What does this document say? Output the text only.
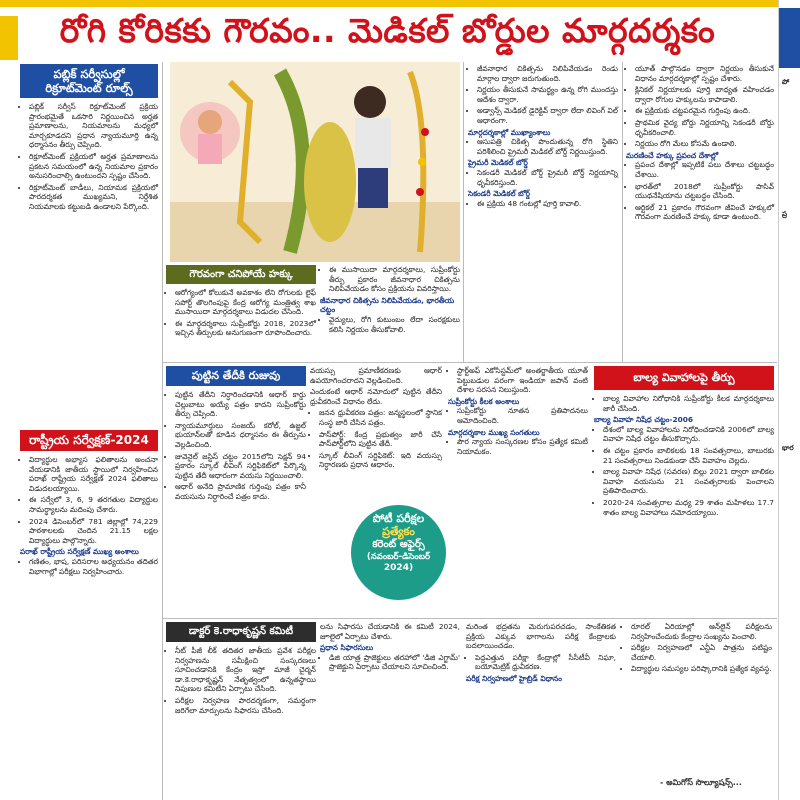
రోగి కోరికకు గౌరవం.. మెడికల్ బోర్డుల మార్గదర్శకం
పబ్లిక్ సర్వీసుల్లో రిక్రూట్‌మెంట్ రూల్స్
• పబ్లిక్ సర్వీస్ రిక్రూట్‌మెంట్ ప్రక్రియ ప్రారంభమైతే ఒకసారి నిర్ణయించిన అర్హత ప్రమాణాలను, నియమాలను మధ్యలో మార్చకూడదని ప్రధాన న్యాయమూర్తి ఉన్న ధర్మాసనం తీర్పు చెప్పింది.
• రిక్రూట్‌మెంట్ ప్రక్రియలో అర్హత ప్రమాణాలను ప్రకటన సమయంలో ఉన్న నియమాల ప్రకారం అనుసరించాల్సి ఉంటుందని స్పష్టం చేసింది.
• రిక్రూట్‌మెంట్ బాడీలు, నియామక ప్రక్రియలో పారదర్శకత ముఖ్యమని, నిర్దేశిత నియమాలకు కట్టుబడి ఉండాలని పేర్కొంది.
రాష్ట్రీయ సర్వేక్షణ్-2024
• విద్యార్థుల అభ్యాస ఫలితాలను అంచనా వేయడానికి జాతీయ స్థాయిలో నిర్వహించిన పరాఖ్ రాష్ట్రీయ సర్వేక్షణ్ 2024 ఫలితాలు విడుదలయ్యాయి.
• ఈ సర్వేలో 3, 6, 9 తరగతుల విద్యార్థుల సామర్థ్యాలను మదింపు చేశారు.
• 2024 డిసెంబర్‌లో 781 జిల్లాల్లో 74,229 పాఠశాలలకు చెందిన 21.15 లక్షల విద్యార్థులు పాల్గొన్నారు.
పరాఖ్ రాష్ట్రీయ సర్వేక్షణ్ ముఖ్య అంశాలు
• గణితం, భాష, పరిసరాల అధ్యయనం తదితర విభాగాల్లో పరీక్షలు నిర్వహించారు.
గౌరవంగా చనిపోయే హక్కు
• ఆరోగ్యంలో కోలుకునే అవకాశం లేని రోగులకు లైఫ్ సపోర్ట్ తొలగింపుపై కేంద్ర ఆరోగ్య మంత్రిత్వ శాఖ ముసాయిదా మార్గదర్శకాలు విడుదల చేసింది.
• ఈ మార్గదర్శకాలు సుప్రీంకోర్టు 2018, 2023లో ఇచ్చిన తీర్పులకు అనుగుణంగా రూపొందించారు.
• ఈ ముసాయిదా మార్గదర్శకాలు, సుప్రీంకోర్టు తీర్పు ప్రకారం జీవనాధార చికిత్సను నిలిపివేయడం కోసం ప్రక్రియను వివరిస్తాయి.
జీవనాధార చికిత్సను నిలిపివేయడం, భారతీయ చట్టం
• వైద్యులు, రోగి కుటుంబం లేదా సంరక్షకులు కలిసి నిర్ణయం తీసుకోవాలి.
• జీవనాధార చికిత్సను నిలిపివేయడం రెండు మార్గాల ద్వారా జరుగుతుంది.
• నిర్ణయం తీసుకునే సామర్థ్యం ఉన్న రోగి ముందస్తు ఆదేశం ద్వారా.
• అడ్వాన్స్ మెడికల్ డైరెక్టివ్ ద్వారా లేదా లివింగ్ విల్ ఆధారంగా.
మార్గదర్శకాల్లో ముఖ్యాంశాలు
• ఆసుపత్రి చికిత్స పొందుతున్న రోగి స్థితిని పరిశీలించి ప్రైమరీ మెడికల్ బోర్డ్ నిర్ణయిస్తుంది.
ప్రైమరీ మెడికల్ బోర్డ్
• సెకండరీ మెడికల్ బోర్డ్ ప్రైమరీ బోర్డ్ నిర్ణయాన్ని ధృవీకరిస్తుంది.
సెకండరీ మెడికల్ బోర్డ్
• ఈ ప్రక్రియ 48 గంటల్లో పూర్తి కావాలి.
• యూత్ పాల్గొనడం ద్వారా నిర్ణయం తీసుకునే విధానం మార్గదర్శకాల్లో స్పష్టం చేశారు.
• క్లినికల్ నిర్ణయాలకు పూర్తి బాధ్యత వహించడం ద్వారా రోగుల హక్కులను కాపాడాలి.
• ఈ ప్రక్రియకు చట్టపరమైన గుర్తింపు ఉంది.
• ప్రాథమిక వైద్య బోర్డు నిర్ణయాన్ని సెకండరీ బోర్డు ధృవీకరించాలి.
• నిర్ణయం రోగి మేలు కోసమే ఉండాలి.
మరణించే హక్కు ప్రపంచ దేశాల్లో
• ప్రపంచ దేశాల్లో ఇప్పటికే పలు దేశాలు చట్టబద్ధం చేశాయి.
• భారత్‌లో 2018లో సుప్రీంకోర్టు పాసివ్ యుథనేషియాను చట్టబద్ధం చేసింది.
• ఆర్టికల్ 21 ప్రకారం గౌరవంగా జీవించే హక్కులో గౌరవంగా మరణించే హక్కు కూడా ఉంటుంది.
పుట్టిన తేదీకి రుజువు
• పుట్టిన తేదీని నిర్ధారించడానికి ఆధార్ కార్డు చెల్లుబాటు అయ్యే పత్రం కాదని సుప్రీంకోర్టు తీర్పు చెప్పింది.
• న్యాయమూర్తులు సంజయ్ కరోల్, ఉజ్జల్ భుయాన్‌లతో కూడిన ధర్మాసనం ఈ తీర్పును వెల్లడించింది.
• జువెనైల్ జస్టిస్ చట్టం 2015లోని సెక్షన్ 94 ప్రకారం స్కూల్ లీవింగ్ సర్టిఫికెట్‌లో పేర్కొన్న పుట్టిన తేదీ ఆధారంగా వయసు నిర్ణయించాలి.
• ఆధార్ అనేది ప్రామాణిక గుర్తింపు పత్రం కానీ వయసును నిర్ధారించే పత్రం కాదు.

వయస్సు ప్రమాణీకరణకు ఆధార్ ఉపయోగించరాదని వెల్లడించింది.

ఎందుకంటే ఆధార్ నమోదులో పుట్టిన తేదీని ధ్రువీకరించే విధానం లేదు.

• జనన ధ్రువీకరణ పత్రం: జన్మస్థలంలో స్థానిక సంస్థ జారీ చేసిన పత్రం.
• పాస్‌పోర్ట్: కేంద్ర ప్రభుత్వం జారీ చేసే పాస్‌పోర్ట్‌లోని పుట్టిన తేదీ.
• స్కూల్ లీవింగ్ సర్టిఫికెట్: ఇది వయస్సు నిర్ధారణకు ప్రధాన ఆధారం.
పోటీ పరీక్షల
ప్రత్యేకం
కరెంట్ అఫైర్స్
(నవంబర్-డిసెంబర్
2024)
• స్టార్ట్‌అప్ ఎకోసిస్టమ్‌లో అంతర్జాతీయ యూత్ పెట్టుబడుల పరంగా ఇండియా జపాన్ వంటి దేశాల సరసన నిలుస్తుంది.
సుప్రీంకోర్టు కీలక అంశాలు
• సుప్రీంకోర్టు నూతన ప్రతిపాదనలు ఆమోదించింది.
మార్గదర్శకాల ముఖ్య సంగతులు
• పౌర న్యాయ సంస్కరణల కోసం ప్రత్యేక కమిటీ నియామకం.
బాల్య వివాహాలపై తీర్పు
• బాల్య వివాహాల నిరోధానికి సుప్రీంకోర్టు కీలక మార్గదర్శకాలు జారీ చేసింది.
బాల్య వివాహ నిషేధ చట్టం-2006
• దేశంలో బాల్య వివాహాలను నిరోధించడానికి 2006లో బాల్య వివాహ నిషేధ చట్టం తీసుకొచ్చారు.
• ఈ చట్టం ప్రకారం బాలికలకు 18 సంవత్సరాలు, బాలురకు 21 సంవత్సరాలు నిండకుండా చేసే వివాహం చెల్లదు.
• బాల్య వివాహ నిషేధ (సవరణ) బిల్లు 2021 ద్వారా బాలికల వివాహ వయసును 21 సంవత్సరాలకు పెంచాలని ప్రతిపాదించారు.
• 2020-24 సంవత్సరాల మధ్య 29 శాతం మహిళలు 17.7 శాతం బాల్య వివాహాలు నమోదయ్యాయి.
డాక్టర్ కె.రాధాకృష్ణన్ కమిటీ
• నీట్ పీజీ లీక్ తదితర జాతీయ ప్రవేశ పరీక్షల నిర్వహణను సమీక్షించి సంస్కరణలు సూచించడానికి కేంద్రం ఇస్రో మాజీ చైర్మన్ డా.కె.రాధాకృష్ణన్ నేతృత్వంలో ఉన్నతస్థాయి నిపుణుల కమిటీని ఏర్పాటు చేసింది.
• పరీక్షల నిర్వహణ పారదర్శకంగా, సమర్థంగా జరిగేలా మార్పులను సిఫారసు చేసింది.

లను సిఫారసు చేయడానికి ఈ కమిటీ 2024, జూలైలో ఏర్పాటు చేశారు.

ప్రధాన సిఫారసులు
• డిజి యాత్ర ప్రాజెక్టులు తరహాలో 'డిజి ఎగ్జామ్' ప్రాజెక్టుని ఏర్పాటు చేయాలని సూచించింది.

మరింత భద్రతను మెరుగుపరచడం, సాంకేతికత ప్రక్రియ ఎక్కువ భాగాలను పరీక్ష కేంద్రాలకు బదలాయించడం.

• పెద్దఎత్తున పరీక్షా కేంద్రాల్లో సీసీటీవీ నిఘా, బయోమెట్రిక్ ధ్రువీకరణ.
పరీక్ష నిర్వహణలో హైబ్రిడ్ విధానం
• రూరల్ ఏరియాల్లో ఆన్‌లైన్ పరీక్షలను నిర్వహించేందుకు కేంద్రాల సంఖ్యను పెంచాలి.
• పరీక్షల నిర్వహణలో ఎన్టీఏ పాత్రను పటిష్టం చేయాలి.
• విద్యార్థుల సమస్యల పరిష్కారానికి ప్రత్యేక వ్యవస్థ.
- అమిగోస్ సొల్యూషన్స్...
పో
ప్ర
భార
